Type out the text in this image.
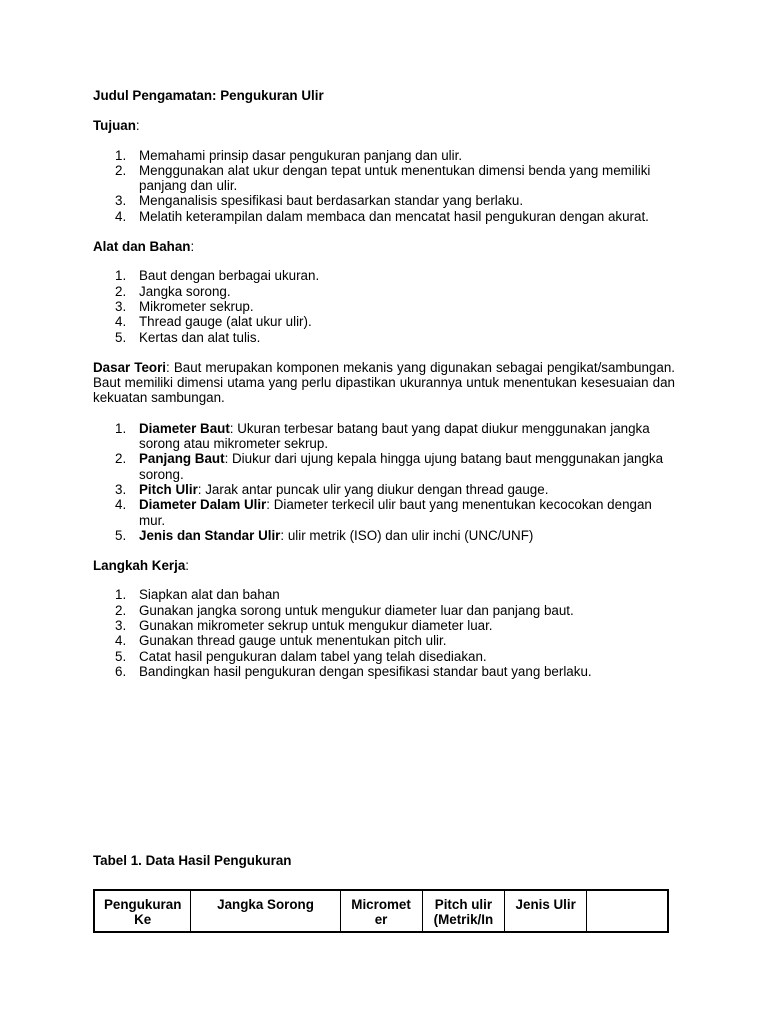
Judul Pengamatan: Pengukuran Ulir

Tujuan:

1. Memahami prinsip dasar pengukuran panjang dan ulir.
2. Menggunakan alat ukur dengan tepat untuk menentukan dimensi benda yang memiliki panjang dan ulir.
3. Menganalisis spesifikasi baut berdasarkan standar yang berlaku.
4. Melatih keterampilan dalam membaca dan mencatat hasil pengukuran dengan akurat.

Alat dan Bahan:

1. Baut dengan berbagai ukuran.
2. Jangka sorong.
3. Mikrometer sekrup.
4. Thread gauge (alat ukur ulir).
5. Kertas dan alat tulis.

Dasar Teori: Baut merupakan komponen mekanis yang digunakan sebagai pengikat/sambungan. Baut memiliki dimensi utama yang perlu dipastikan ukurannya untuk menentukan kesesuaian dan kekuatan sambungan.

1. Diameter Baut: Ukuran terbesar batang baut yang dapat diukur menggunakan jangka sorong atau mikrometer sekrup.
2. Panjang Baut: Diukur dari ujung kepala hingga ujung batang baut menggunakan jangka sorong.
3. Pitch Ulir: Jarak antar puncak ulir yang diukur dengan thread gauge.
4. Diameter Dalam Ulir: Diameter terkecil ulir baut yang menentukan kecocokan dengan mur.
5. Jenis dan Standar Ulir: ulir metrik (ISO) dan ulir inchi (UNC/UNF)

Langkah Kerja:

1. Siapkan alat dan bahan
2. Gunakan jangka sorong untuk mengukur diameter luar dan panjang baut.
3. Gunakan mikrometer sekrup untuk mengukur diameter luar.
4. Gunakan thread gauge untuk menentukan pitch ulir.
5. Catat hasil pengukuran dalam tabel yang telah disediakan.
6. Bandingkan hasil pengukuran dengan spesifikasi standar baut yang berlaku.

Tabel 1. Data Hasil Pengukuran

Pengukuran Ke	Jangka Sorong	Micromet er	Pitch ulir (Metrik/In	Jenis Ulir	
